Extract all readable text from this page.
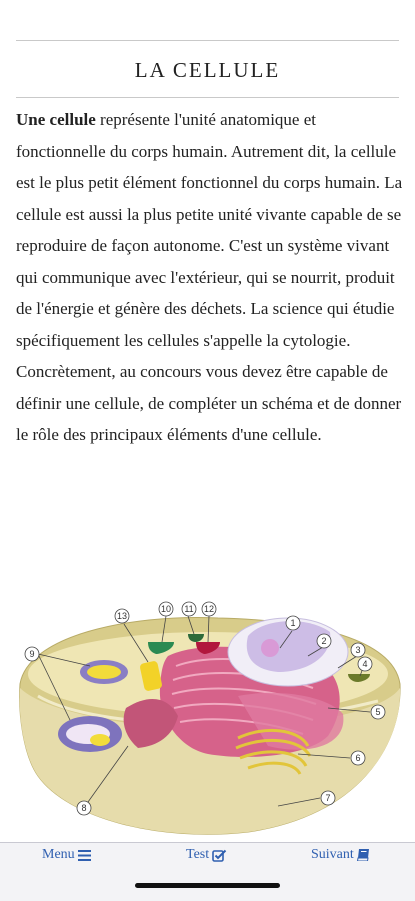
LA CELLULE

Une cellule représente l'unité anatomique et fonctionnelle du corps humain. Autrement dit, la cellule est le plus petit élément fonctionnel du corps humain. La cellule est aussi la plus petite unité vivante capable de se reproduire de façon autonome. C'est un système vivant qui communique avec l'extérieur, qui se nourrit, produit de l'énergie et génère des déchets. La science qui étudie spécifiquement les cellules s'appelle la cytologie. Concrètement, au concours vous devez être capable de définir une cellule, de compléter un schéma et de donner le rôle des principaux éléments d'une cellule.

1
2
3
4
5
6
7
8
9
10 11 12
13
Menu	Test	Suivant
